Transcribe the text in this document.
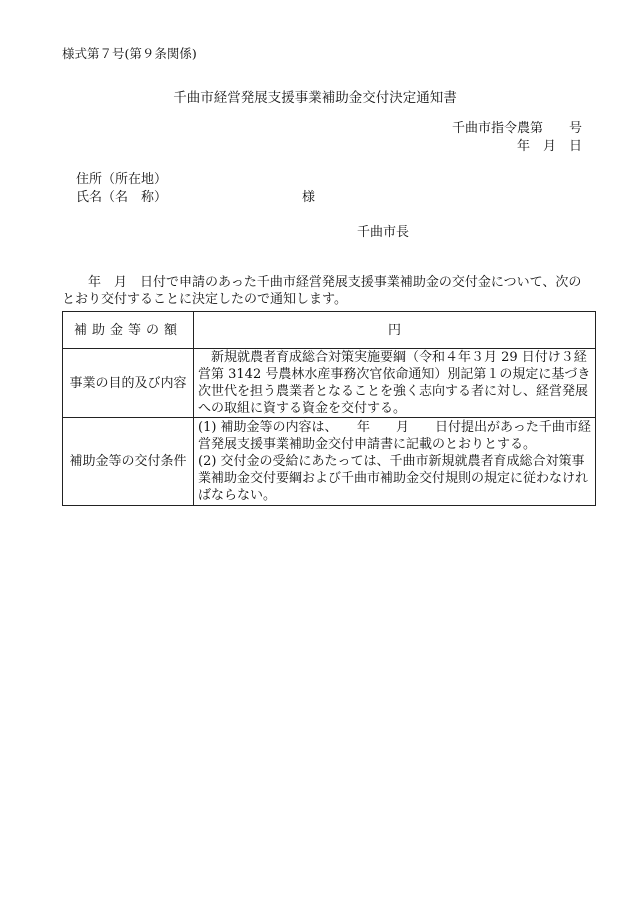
様式第７号(第９条関係)
千曲市経営発展支援事業補助金交付決定通知書
千曲市指令農第　　号
年　月　日
住所（所在地）
氏名（名　称）	様
千曲市長
年　月　日付で申請のあった千曲市経営発展支援事業補助金の交付金について、次のとおり交付することに決定したので通知します。
補助金等の額	円
事業の目的及び内容	新規就農者育成総合対策実施要綱（令和４年３月 29 日付け３経営第 3142 号農林水産事務次官依命通知）別記第１の規定に基づき次世代を担う農業者となることを強く志向する者に対し、経営発展への取組に資する資金を交付する。
補助金等の交付条件	(1) 補助金等の内容は、　　年　　月　　日付提出があった千曲市経営発展支援事業補助金交付申請書に記載のとおりとする。
(2) 交付金の受給にあたっては、千曲市新規就農者育成総合対策事業補助金交付要綱および千曲市補助金交付規則の規定に従わなければならない。
